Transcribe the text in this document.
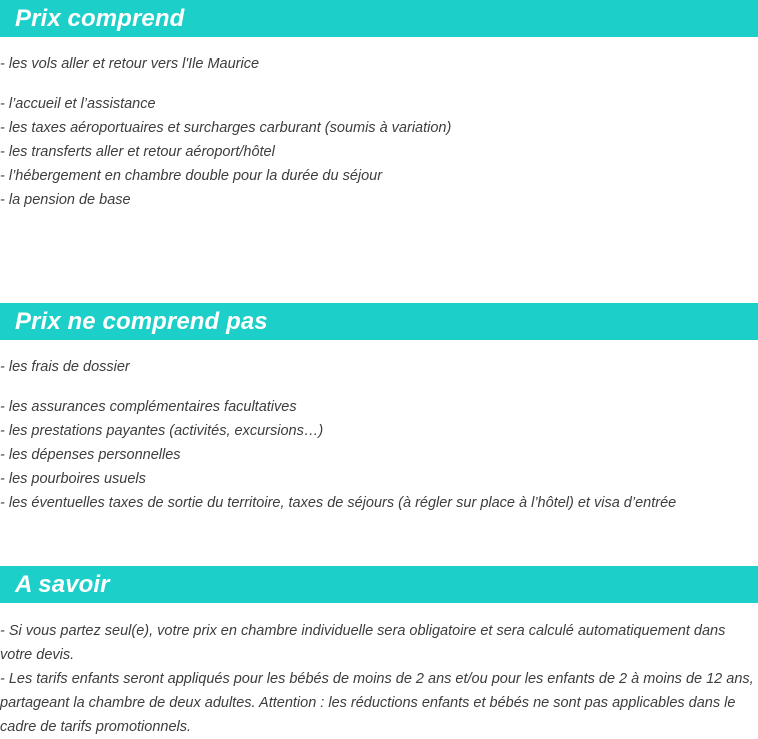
Prix comprend
- les vols aller et retour vers l'Ile Maurice
- l’accueil et l’assistance
- les taxes aéroportuaires et surcharges carburant (soumis à variation)
- les transferts aller et retour aéroport/hôtel
- l’hébergement en chambre double pour la durée du séjour
- la pension de base
Prix ne comprend pas
- les frais de dossier
- les assurances complémentaires facultatives
- les prestations payantes (activités, excursions…)
- les dépenses personnelles
- les pourboires usuels
- les éventuelles taxes de sortie du territoire, taxes de séjours (à régler sur place à l’hôtel) et visa d’entrée
A savoir

- Si vous partez seul(e), votre prix en chambre individuelle sera obligatoire et sera calculé automatiquement dans votre devis.

- Les tarifs enfants seront appliqués pour les bébés de moins de 2 ans et/ou pour les enfants de 2 à moins de 12 ans, partageant la chambre de deux adultes. Attention : les réductions enfants et bébés ne sont pas applicables dans le cadre de tarifs promotionnels.
